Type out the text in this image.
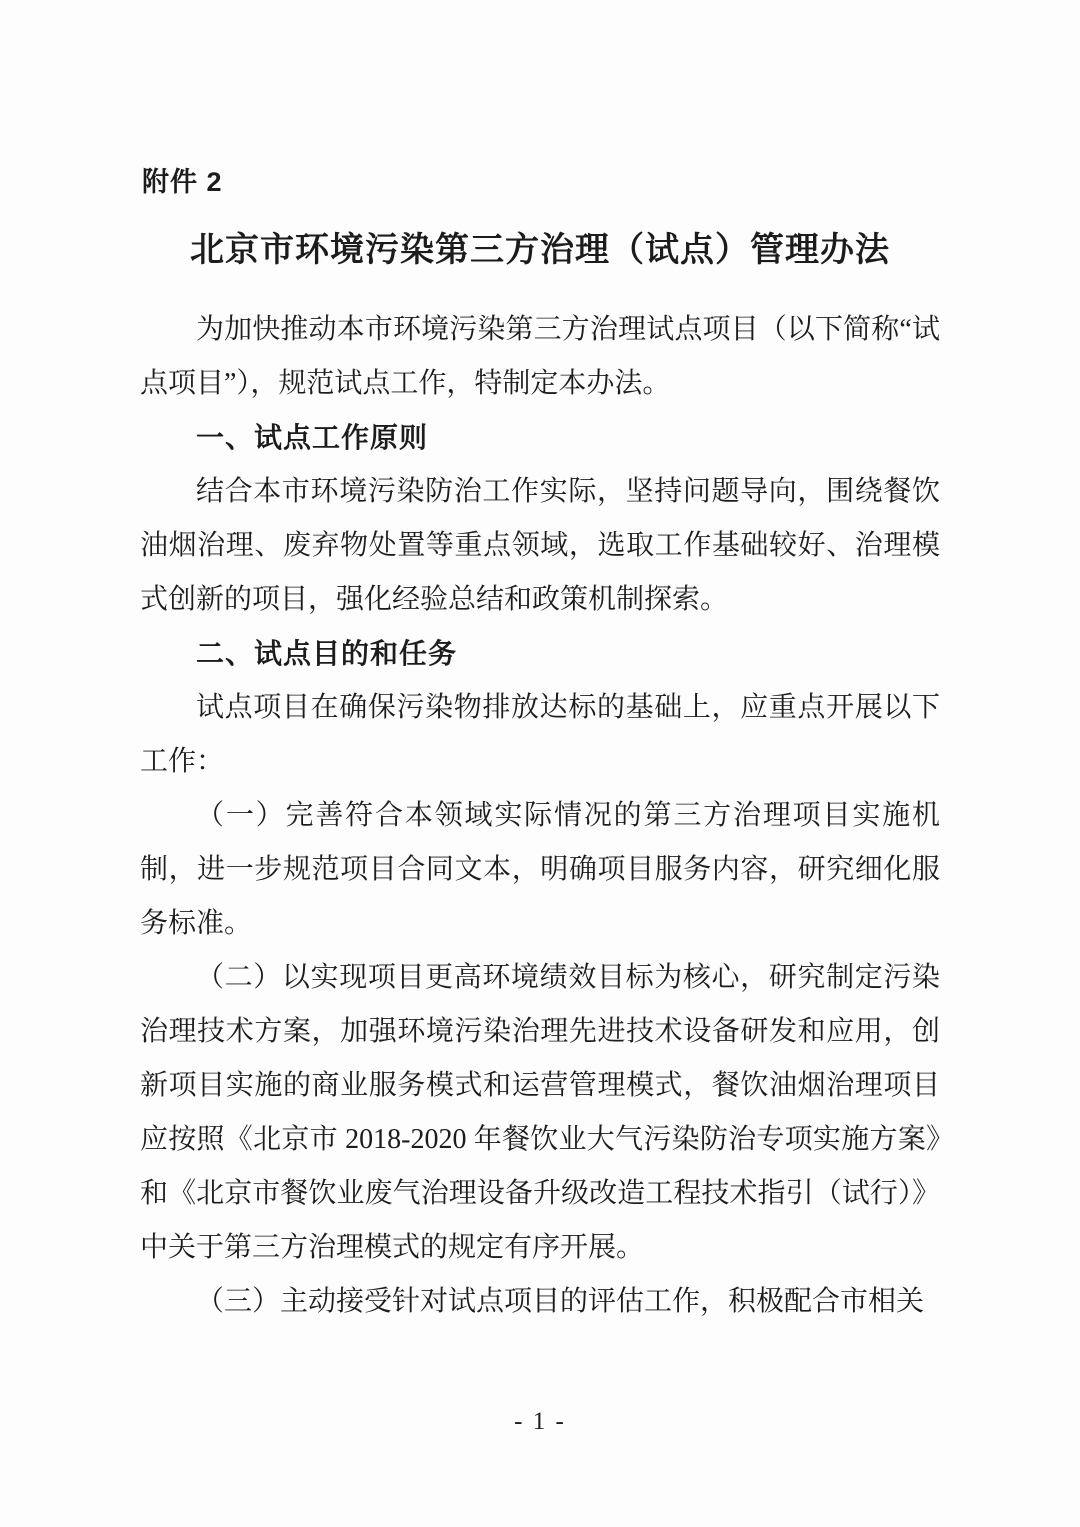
附件 2
北京市环境污染第三方治理（试点）管理办法

为加快推动本市环境污染第三方治理试点项目（以下简称“试点项目”），规范试点工作，特制定本办法。

一、试点工作原则

结合本市环境污染防治工作实际，坚持问题导向，围绕餐饮油烟治理、废弃物处置等重点领域，选取工作基础较好、治理模式创新的项目，强化经验总结和政策机制探索。

二、试点目的和任务

试点项目在确保污染物排放达标的基础上，应重点开展以下工作：

（一）完善符合本领域实际情况的第三方治理项目实施机制，进一步规范项目合同文本，明确项目服务内容，研究细化服务标准。

（二）以实现项目更高环境绩效目标为核心，研究制定污染治理技术方案，加强环境污染治理先进技术设备研发和应用，创新项目实施的商业服务模式和运营管理模式，餐饮油烟治理项目应按照《北京市 2018-2020 年餐饮业大气污染防治专项实施方案》和《北京市餐饮业废气治理设备升级改造工程技术指引（试行）》中关于第三方治理模式的规定有序开展。

（三）主动接受针对试点项目的评估工作，积极配合市相关

- 1 -
